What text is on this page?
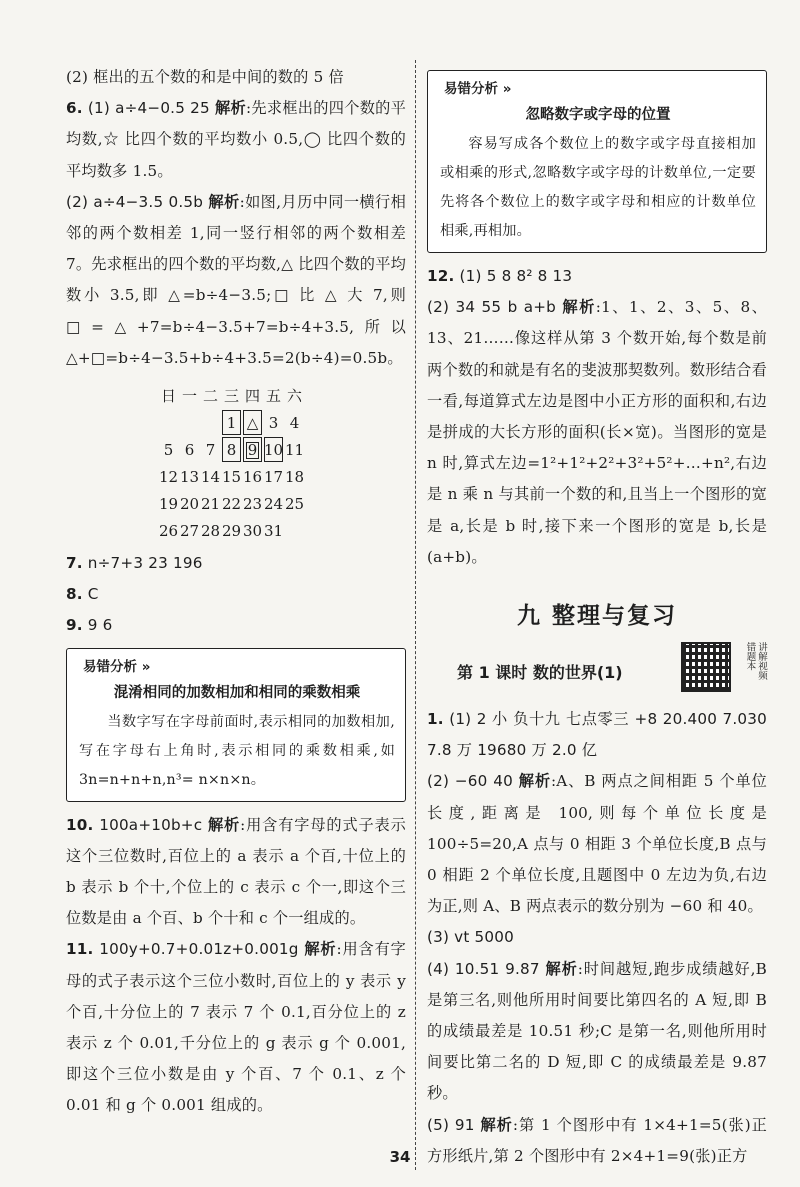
(2) 框出的五个数的和是中间的数的 5 倍

6. (1) a÷4−0.5 25 解析:先求框出的四个数的平均数,☆ 比四个数的平均数小 0.5,◯ 比四个数的平均数多 1.5。

(2) a÷4−3.5 0.5b 解析:如图,月历中同一横行相邻的两个数相差 1,同一竖行相邻的两个数相差 7。先求框出的四个数的平均数,△ 比四个数的平均数小 3.5,即 △=b÷4−3.5;□ 比 △ 大 7,则 □=△+7=b÷4−3.5+7=b÷4+3.5,所以 △+□=b÷4−3.5+b÷4+3.5=2(b÷4)=0.5b。

日	一	二	三	四	五	六
			1	△	3	4
5	6	7	8	9	10	11
12	13	14	15	16	17	18
19	20	21	22	23	24	25
26	27	28	29	30	31	

7. n÷7+3 23 196

8. C

9. 9 6

易错分析 »
混淆相同的加数相加和相同的乘数相乘

当数字写在字母前面时,表示相同的加数相加,写在字母右上角时,表示相同的乘数相乘,如 3n=n+n+n,n³= n×n×n。

10. 100a+10b+c 解析:用含有字母的式子表示这个三位数时,百位上的 a 表示 a 个百,十位上的 b 表示 b 个十,个位上的 c 表示 c 个一,即这个三位数是由 a 个百、b 个十和 c 个一组成的。

11. 100y+0.7+0.01z+0.001g 解析:用含有字母的式子表示这个三位小数时,百位上的 y 表示 y 个百,十分位上的 7 表示 7 个 0.1,百分位上的 z 表示 z 个 0.01,千分位上的 g 表示 g 个 0.001,即这个三位小数是由 y 个百、7 个 0.1、z 个 0.01 和 g 个 0.001 组成的。

易错分析 »
忽略数字或字母的位置

容易写成各个数位上的数字或字母直接相加或相乘的形式,忽略数字或字母的计数单位,一定要先将各个数位上的数字或字母和相应的计数单位相乘,再相加。

12. (1) 5 8 8² 8 13

(2) 34 55 b a+b 解析:1、1、2、3、5、8、13、21……像这样从第 3 个数开始,每个数是前两个数的和就是有名的斐波那契数列。数形结合看一看,每道算式左边是图中小正方形的面积和,右边是拼成的大长方形的面积(长×宽)。当图形的宽是 n 时,算式左边=1²+1²+2²+3²+5²+…+n²,右边是 n 乘 n 与其前一个数的和,且当上一个图形的宽是 a,长是 b 时,接下来一个图形的宽是 b,长是 (a+b)。

九 整理与复习
第 1 课时 数的世界(1)	讲解视频 错题本

1. (1) 2 小 负十九 七点零三 +8 20.400 7.030 7.8 万 19680 万 2.0 亿

(2) −60 40 解析:A、B 两点之间相距 5 个单位长度,距离是 100,则每个单位长度是 100÷5=20,A 点与 0 相距 3 个单位长度,B 点与 0 相距 2 个单位长度,且题图中 0 左边为负,右边为正,则 A、B 两点表示的数分别为 −60 和 40。

(3) vt 5000

(4) 10.51 9.87 解析:时间越短,跑步成绩越好,B 是第三名,则他所用时间要比第四名的 A 短,即 B 的成绩最差是 10.51 秒;C 是第一名,则他所用时间要比第二名的 D 短,即 C 的成绩最差是 9.87 秒。

(5) 91 解析:第 1 个图形中有 1×4+1=5(张)正方形纸片,第 2 个图形中有 2×4+1=9(张)正方

34
